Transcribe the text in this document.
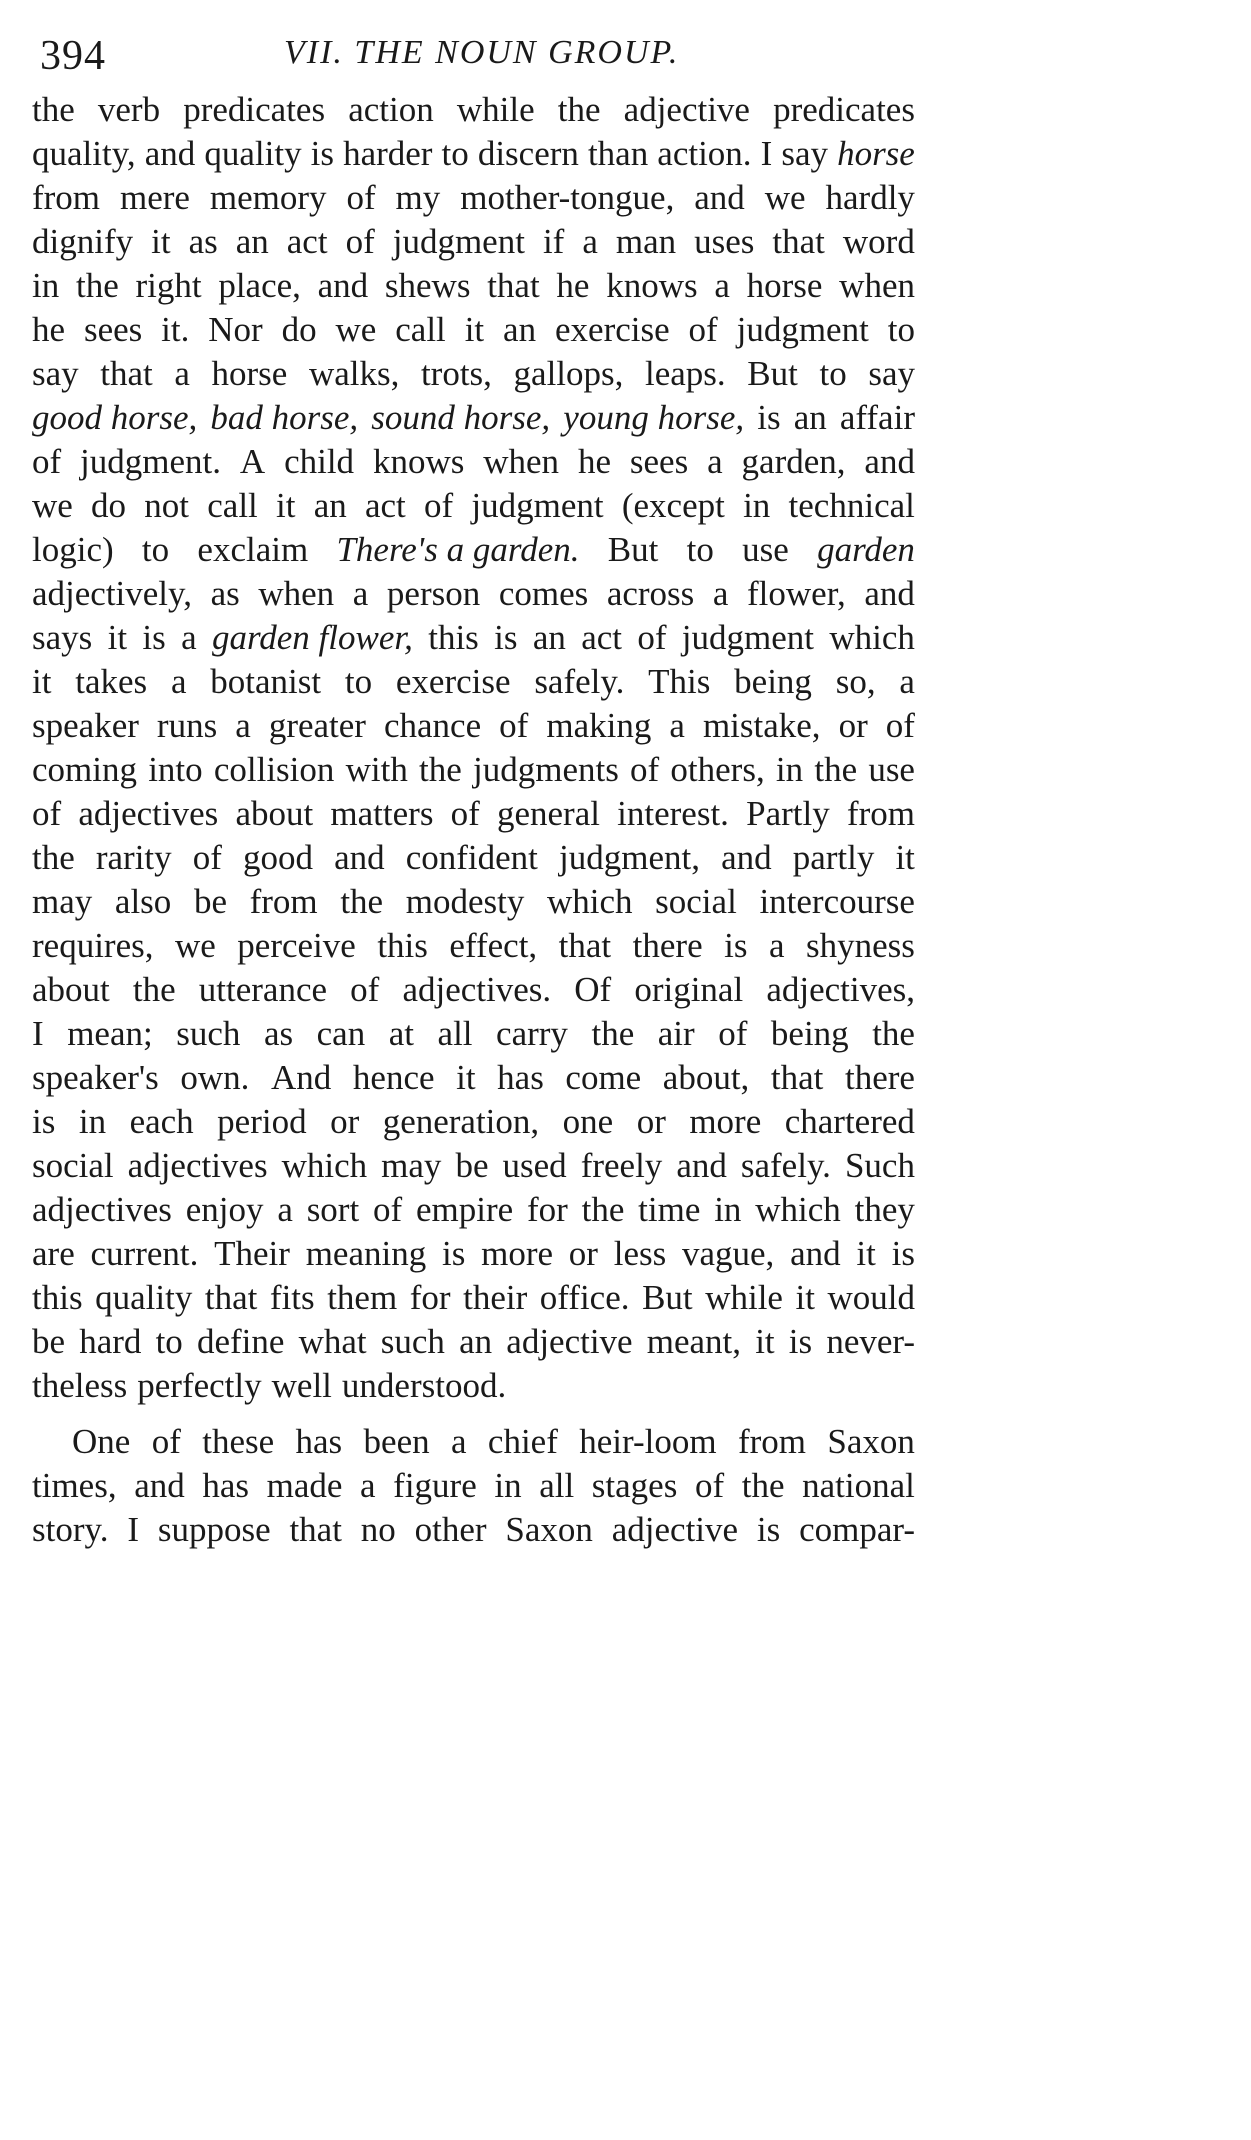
394	VII. THE NOUN GROUP.
the verb predicates action while the adjective predicates
quality, and quality is harder to discern than action. I say horse
from mere memory of my mother-tongue, and we hardly
dignify it as an act of judgment if a man uses that word
in the right place, and shews that he knows a horse when
he sees it. Nor do we call it an exercise of judgment to
say that a horse walks, trots, gallops, leaps. But to say
good horse, bad horse, sound horse, young horse, is an affair
of judgment. A child knows when he sees a garden, and
we do not call it an act of judgment (except in technical
logic) to exclaim There's a garden. But to use garden
adjectively, as when a person comes across a flower, and
says it is a garden flower, this is an act of judgment which
it takes a botanist to exercise safely. This being so, a
speaker runs a greater chance of making a mistake, or of
coming into collision with the judgments of others, in the use
of adjectives about matters of general interest. Partly from
the rarity of good and confident judgment, and partly it
may also be from the modesty which social intercourse
requires, we perceive this effect, that there is a shyness
about the utterance of adjectives. Of original adjectives,
I mean; such as can at all carry the air of being the
speaker's own. And hence it has come about, that there
is in each period or generation, one or more chartered
social adjectives which may be used freely and safely. Such
adjectives enjoy a sort of empire for the time in which they
are current. Their meaning is more or less vague, and it is
this quality that fits them for their office. But while it would
be hard to define what such an adjective meant, it is never-
theless perfectly well understood.
One of these has been a chief heir-loom from Saxon
times, and has made a figure in all stages of the national
story. I suppose that no other Saxon adjective is compar-
